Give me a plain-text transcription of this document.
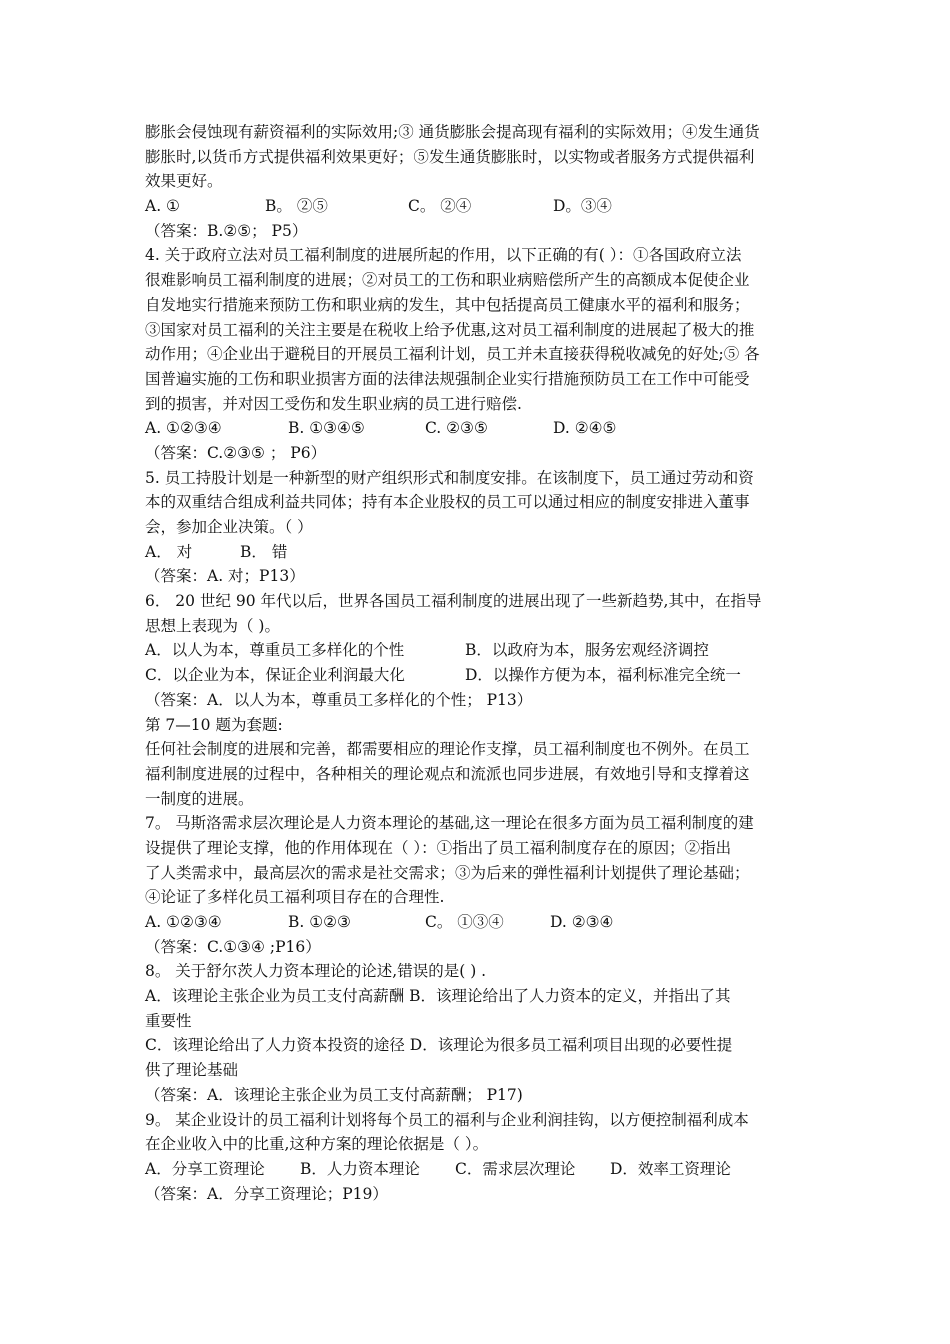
膨胀会侵蚀现有薪资福利的实际效用;③ 通货膨胀会提高现有福利的实际效用；④发生通货
膨胀时,以货币方式提供福利效果更好；⑤发生通货膨胀时，以实物或者服务方式提供福利
效果更好。
A. ①	B。 ②⑤	C。 ②④	D。③④
（答案：B.②⑤； P5）
4. 关于政府立法对员工福利制度的进展所起的作用，以下正确的有( ）：①各国政府立法
很难影响员工福利制度的进展；②对员工的工伤和职业病赔偿所产生的高额成本促使企业
自发地实行措施来预防工伤和职业病的发生，其中包括提高员工健康水平的福利和服务；
③国家对员工福利的关注主要是在税收上给予优惠,这对员工福利制度的进展起了极大的推
动作用；④企业出于避税目的开展员工福利计划，员工并未直接获得税收减免的好处;⑤ 各
国普遍实施的工伤和职业损害方面的法律法规强制企业实行措施预防员工在工作中可能受
到的损害，并对因工受伤和发生职业病的员工进行赔偿.
A. ①②③④	B. ①③④⑤	C. ②③⑤	D. ②④⑤
（答案：C.②③⑤ ； P6）
5. 员工持股计划是一种新型的财产组织形式和制度安排。在该制度下，员工通过劳动和资
本的双重结合组成利益共同体；持有本企业股权的员工可以通过相应的制度安排进入董事
会，参加企业决策。（ ）
A． 对	B． 错
（答案：A. 对；P13）
6． 20 世纪 90 年代以后，世界各国员工福利制度的进展出现了一些新趋势,其中，在指导
思想上表现为（ )。
A．以人为本，尊重员工多样化的个性	B．以政府为本，服务宏观经济调控
C．以企业为本，保证企业利润最大化	D．以操作方便为本，福利标准完全统一
（答案：A．以人为本，尊重员工多样化的个性； P13）
第 7—10 题为套题:
任何社会制度的进展和完善，都需要相应的理论作支撑，员工福利制度也不例外。在员工
福利制度进展的过程中，各种相关的理论观点和流派也同步进展，有效地引导和支撑着这
一制度的进展。
7。 马斯洛需求层次理论是人力资本理论的基础,这一理论在很多方面为员工福利制度的建
设提供了理论支撑，他的作用体现在（ ）：①指出了员工福利制度存在的原因；②指出
了人类需求中，最高层次的需求是社交需求；③为后来的弹性福利计划提供了理论基础；
④论证了多样化员工福利项目存在的合理性.
A. ①②③④	B. ①②③	C。 ①③④	D. ②③④
（答案：C.①③④ ;P16）
8。 关于舒尔茨人力资本理论的论述,错误的是( ) .
A．该理论主张企业为员工支付高薪酬 B．该理论给出了人力资本的定义，并指出了其
重要性
C．该理论给出了人力资本投资的途径 D．该理论为很多员工福利项目出现的必要性提
供了理论基础
（答案：A．该理论主张企业为员工支付高薪酬； P17)
9。 某企业设计的员工福利计划将每个员工的福利与企业利润挂钩，以方便控制福利成本
在企业收入中的比重,这种方案的理论依据是（ ）。
A．分享工资理论 B．人力资本理论 C．需求层次理论 D．效率工资理论
（答案：A．分享工资理论；P19）
